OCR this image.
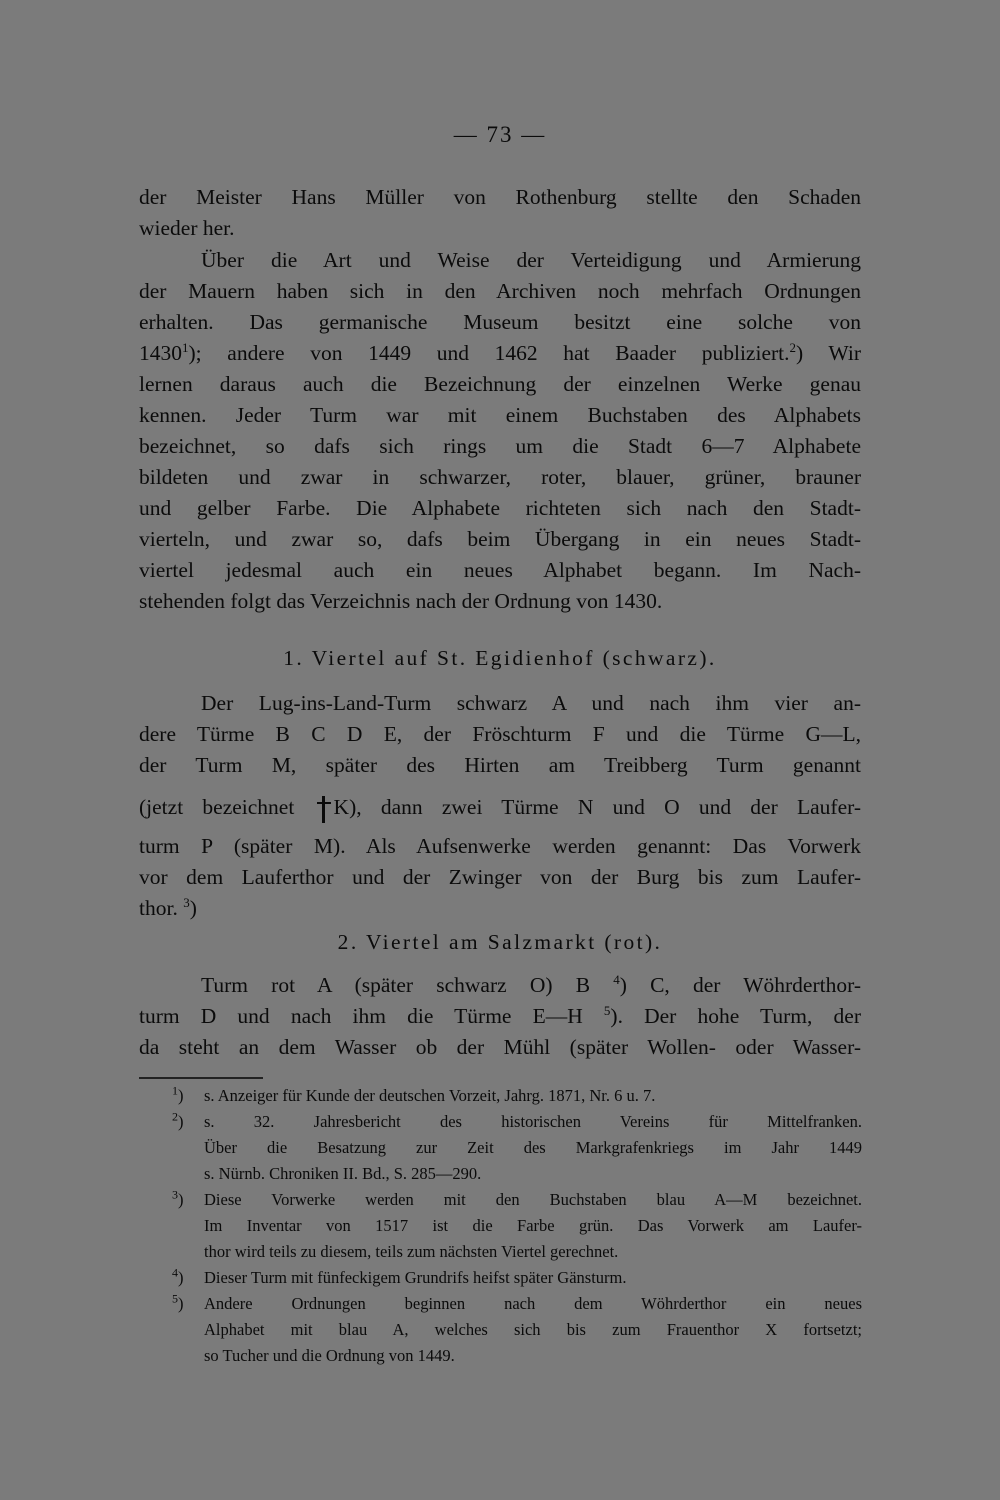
— 73 —
der Meister Hans Müller von Rothenburg stellte den Schaden
wieder her.
Über die Art und Weise der Verteidigung und Armierung
der Mauern haben sich in den Archiven noch mehrfach Ordnungen
erhalten. Das germanische Museum besitzt eine solche von
1430$^1$); andere von 1449 und 1462 hat Baader publiziert.$^2$) Wir
lernen daraus auch die Bezeichnung der einzelnen Werke genau
kennen. Jeder Turm war mit einem Buchstaben des Alphabets
bezeichnet, so dafs sich rings um die Stadt 6—7 Alphabete
bildeten und zwar in schwarzer, roter, blauer, grüner, brauner
und gelber Farbe. Die Alphabete richteten sich nach den Stadt-
vierteln, und zwar so, dafs beim Übergang in ein neues Stadt-
viertel jedesmal auch ein neues Alphabet begann. Im Nach-
stehenden folgt das Verzeichnis nach der Ordnung von 1430.
1. Viertel auf St. Egidienhof (schwarz).
Der Lug-ins-Land-Turm schwarz A und nach ihm vier an-
dere Türme B C D E, der Fröschturm F und die Türme G—L,
der Turm M, später des Hirten am Treibberg Turm genannt
(jetzt bezeichnet K), dann zwei Türme N und O und der Laufer-
turm P (später M). Als Aufsenwerke werden genannt: Das Vorwerk
vor dem Lauferthor und der Zwinger von der Burg bis zum Laufer-
thor. $^3$)
2. Viertel am Salzmarkt (rot).
Turm rot A (später schwarz O) B $^4$) C, der Wöhrderthor-
turm D und nach ihm die Türme E—H $^5$). Der hohe Turm, der
da steht an dem Wasser ob der Mühl (später Wollen- oder Wasser-
$^1$) s. Anzeiger für Kunde der deutschen Vorzeit, Jahrg. 1871, Nr. 6 u. 7.
$^2$) s. 32. Jahresbericht des historischen Vereins für Mittelfranken.
Über die Besatzung zur Zeit des Markgrafenkriegs im Jahr 1449
s. Nürnb. Chroniken II. Bd., S. 285—290.
$^3$) Diese Vorwerke werden mit den Buchstaben blau A—M bezeichnet.
Im Inventar von 1517 ist die Farbe grün. Das Vorwerk am Laufer-
thor wird teils zu diesem, teils zum nächsten Viertel gerechnet.
$^4$) Dieser Turm mit fünfeckigem Grundrifs heifst später Gänsturm.
$^5$) Andere Ordnungen beginnen nach dem Wöhrderthor ein neues
Alphabet mit blau A, welches sich bis zum Frauenthor X fortsetzt;
so Tucher und die Ordnung von 1449.
